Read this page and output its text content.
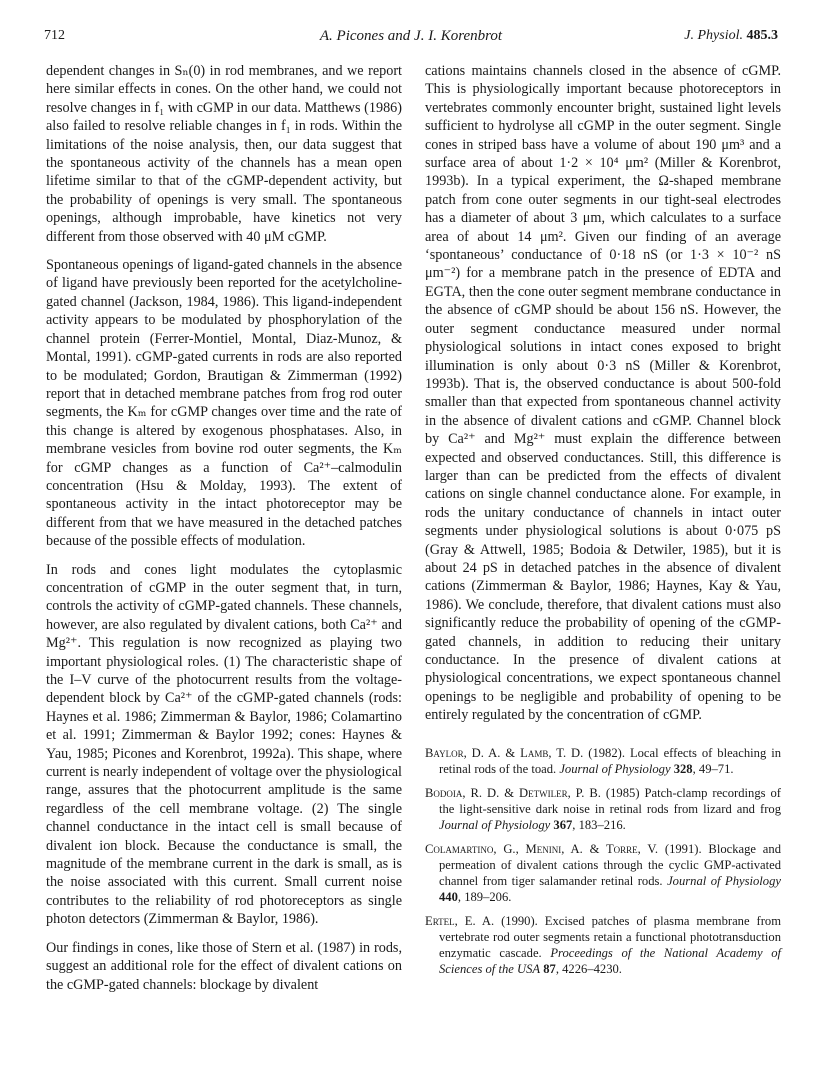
712	A. Picones and J. I. Korenbrot	J. Physiol. 485.3

dependent changes in Sₙ(0) in rod membranes, and we report here similar effects in cones. On the other hand, we could not resolve changes in f₁ with cGMP in our data. Matthews (1986) also failed to resolve reliable changes in f₁ in rods. Within the limitations of the noise analysis, then, our data suggest that the spontaneous activity of the channels has a mean open lifetime similar to that of the cGMP-dependent activity, but the probability of openings is very small. The spontaneous openings, although improbable, have kinetics not very different from those observed with 40 μM cGMP.

Spontaneous openings of ligand-gated channels in the absence of ligand have previously been reported for the acetylcholine-gated channel (Jackson, 1984, 1986). This ligand-independent activity appears to be modulated by phosphorylation of the channel protein (Ferrer-Montiel, Montal, Diaz-Munoz, & Montal, 1991). cGMP-gated currents in rods are also reported to be modulated; Gordon, Brautigan & Zimmerman (1992) report that in detached membrane patches from frog rod outer segments, the Kₘ for cGMP changes over time and the rate of this change is altered by exogenous phosphatases. Also, in membrane vesicles from bovine rod outer segments, the Kₘ for cGMP changes as a function of Ca²⁺–calmodulin concentration (Hsu & Molday, 1993). The extent of spontaneous activity in the intact photoreceptor may be different from that we have measured in the detached patches because of the possible effects of modulation.

In rods and cones light modulates the cytoplasmic concentration of cGMP in the outer segment that, in turn, controls the activity of cGMP-gated channels. These channels, however, are also regulated by divalent cations, both Ca²⁺ and Mg²⁺. This regulation is now recognized as playing two important physiological roles. (1) The characteristic shape of the I–V curve of the photocurrent results from the voltage-dependent block by Ca²⁺ of the cGMP-gated channels (rods: Haynes et al. 1986; Zimmerman & Baylor, 1986; Colamartino et al. 1991; Zimmerman & Baylor 1992; cones: Haynes & Yau, 1985; Picones and Korenbrot, 1992a). This shape, where current is nearly independent of voltage over the physiological range, assures that the photocurrent amplitude is the same regardless of the cell membrane voltage. (2) The single channel conductance in the intact cell is small because of divalent ion block. Because the conductance is small, the magnitude of the membrane current in the dark is small, as is the noise associated with this current. Small current noise contributes to the reliability of rod photoreceptors as single photon detectors (Zimmerman & Baylor, 1986).

Our findings in cones, like those of Stern et al. (1987) in rods, suggest an additional role for the effect of divalent cations on the cGMP-gated channels: blockage by divalent

cations maintains channels closed in the absence of cGMP. This is physiologically important because photoreceptors in vertebrates commonly encounter bright, sustained light levels sufficient to hydrolyse all cGMP in the outer segment. Single cones in striped bass have a volume of about 190 μm³ and a surface area of about 1·2 × 10⁴ μm² (Miller & Korenbrot, 1993b). In a typical experiment, the Ω-shaped membrane patch from cone outer segments in our tight-seal electrodes has a diameter of about 3 μm, which calculates to a surface area of about 14 μm². Given our finding of an average ‘spontaneous’ conductance of 0·18 nS (or 1·3 × 10⁻² nS μm⁻²) for a membrane patch in the presence of EDTA and EGTA, then the cone outer segment membrane conductance in the absence of cGMP should be about 156 nS. However, the outer segment conductance measured under normal physiological solutions in intact cones exposed to bright illumination is only about 0·3 nS (Miller & Korenbrot, 1993b). That is, the observed conductance is about 500-fold smaller than that expected from spontaneous channel activity in the absence of divalent cations and cGMP. Channel block by Ca²⁺ and Mg²⁺ must explain the difference between expected and observed conductances. Still, this difference is larger than can be predicted from the effects of divalent cations on single channel conductance alone. For example, in rods the unitary conductance of channels in intact outer segments under physiological solutions is about 0·075 pS (Gray & Attwell, 1985; Bodoia & Detwiler, 1985), but it is about 24 pS in detached patches in the absence of divalent cations (Zimmerman & Baylor, 1986; Haynes, Kay & Yau, 1986). We conclude, therefore, that divalent cations must also significantly reduce the probability of opening of the cGMP-gated channels, in addition to reducing their unitary conductance. In the presence of divalent cations at physiological concentrations, we expect spontaneous channel openings to be negligible and probability of opening to be entirely regulated by the concentration of cGMP.

Baylor, D. A. & Lamb, T. D. (1982). Local effects of bleaching in retinal rods of the toad. Journal of Physiology 328, 49–71.
Bodoia, R. D. & Detwiler, P. B. (1985) Patch-clamp recordings of the light-sensitive dark noise in retinal rods from lizard and frog Journal of Physiology 367, 183–216.
Colamartino, G., Menini, A. & Torre, V. (1991). Blockage and permeation of divalent cations through the cyclic GMP-activated channel from tiger salamander retinal rods. Journal of Physiology 440, 189–206.
Ertel, E. A. (1990). Excised patches of plasma membrane from vertebrate rod outer segments retain a functional phototransduction enzymatic cascade. Proceedings of the National Academy of Sciences of the USA 87, 4226–4230.
